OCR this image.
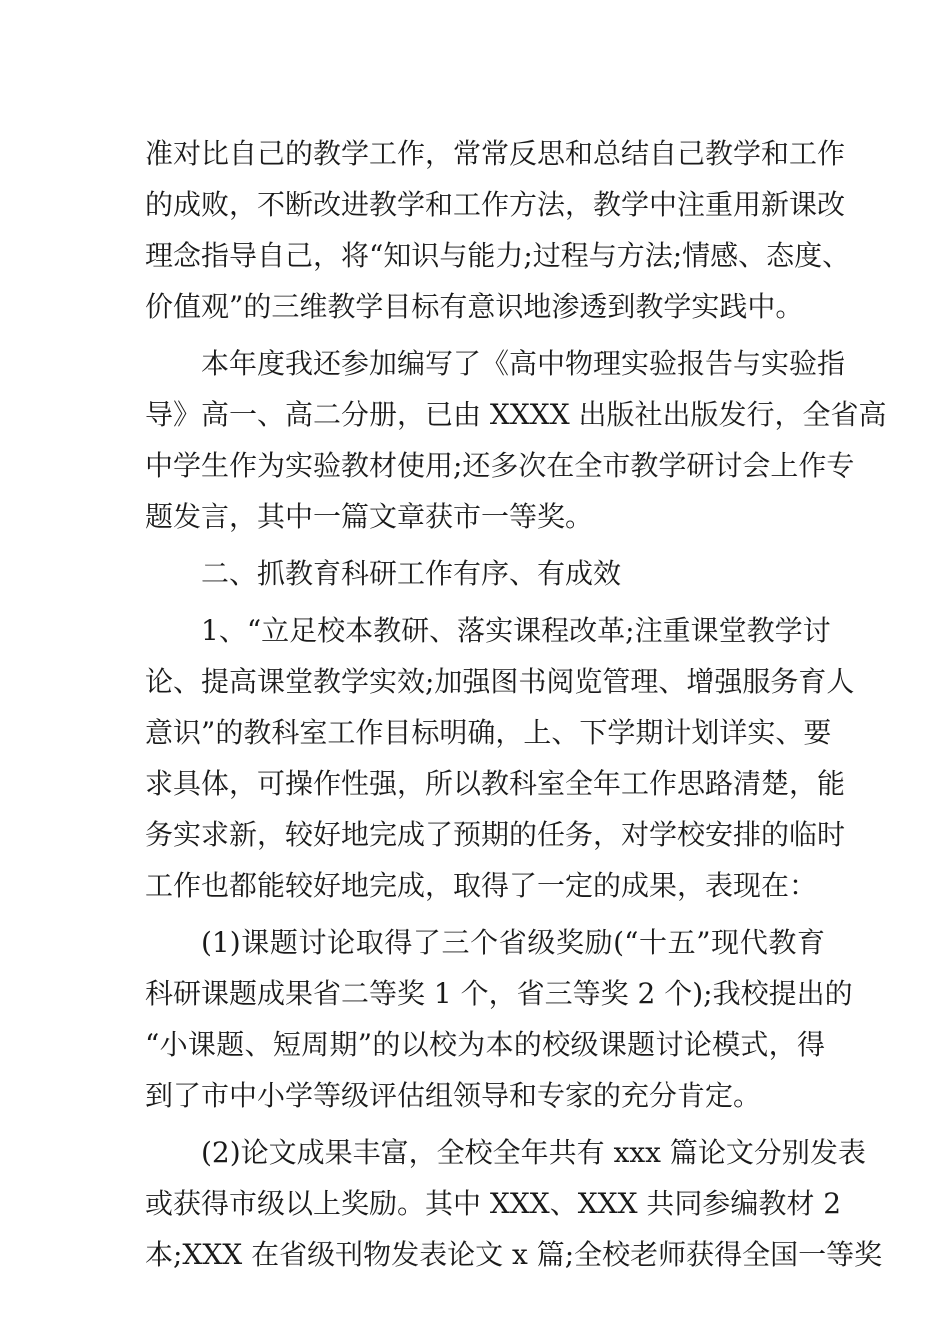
准对比自己的教学工作，常常反思和总结自己教学和工作
的成败，不断改进教学和工作方法，教学中注重用新课改
理念指导自己，将“知识与能力;过程与方法;情感、态度、
价值观”的三维教学目标有意识地渗透到教学实践中。
本年度我还参加编写了《高中物理实验报告与实验指
导》高一、高二分册，已由 XXXX 出版社出版发行，全省高
中学生作为实验教材使用;还多次在全市教学研讨会上作专
题发言，其中一篇文章获市一等奖。
二、抓教育科研工作有序、有成效
1、“立足校本教研、落实课程改革;注重课堂教学讨
论、提高课堂教学实效;加强图书阅览管理、增强服务育人
意识”的教科室工作目标明确，上、下学期计划详实、要
求具体，可操作性强，所以教科室全年工作思路清楚，能
务实求新，较好地完成了预期的任务，对学校安排的临时
工作也都能较好地完成，取得了一定的成果，表现在：
(1)课题讨论取得了三个省级奖励(“十五”现代教育
科研课题成果省二等奖 1 个，省三等奖 2 个);我校提出的
“小课题、短周期”的以校为本的校级课题讨论模式，得
到了市中小学等级评估组领导和专家的充分肯定。
(2)论文成果丰富，全校全年共有 xxx 篇论文分别发表
或获得市级以上奖励。其中 XXX、XXX 共同参编教材 2
本;XXX 在省级刊物发表论文 x 篇;全校老师获得全国一等奖
